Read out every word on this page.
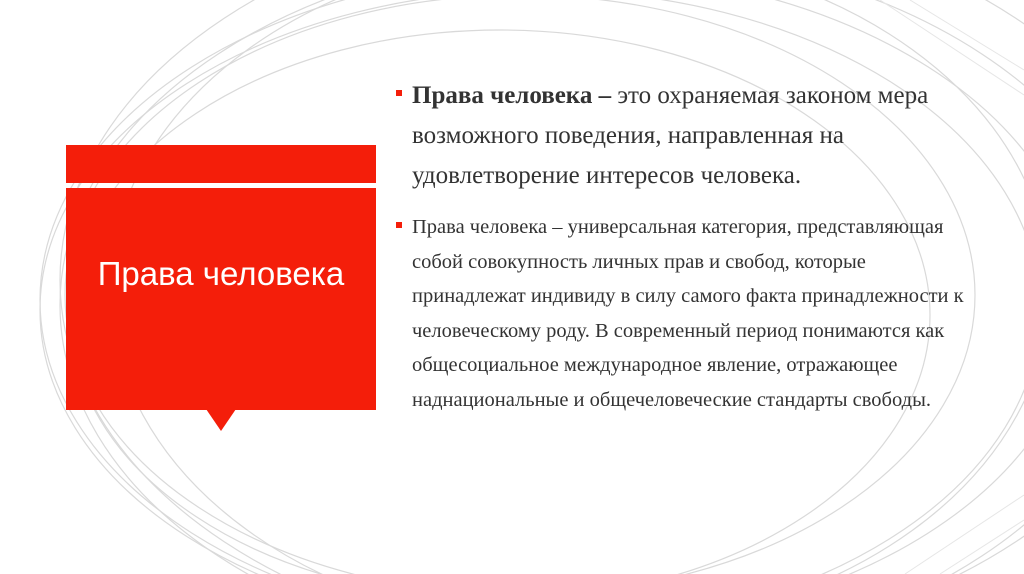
Права человека
Права человека – это охраняемая законом мера возможного поведения, направленная на удовлетворение интересов человека.
Права человека – универсальная категория, представляющая собой совокупность личных прав и свобод, которые принадлежат индивиду в силу самого факта принадлежности к человеческому роду. В современный период понимаются как общесоциальное международное явление, отражающее наднациональные и общечеловеческие стандарты свободы.
